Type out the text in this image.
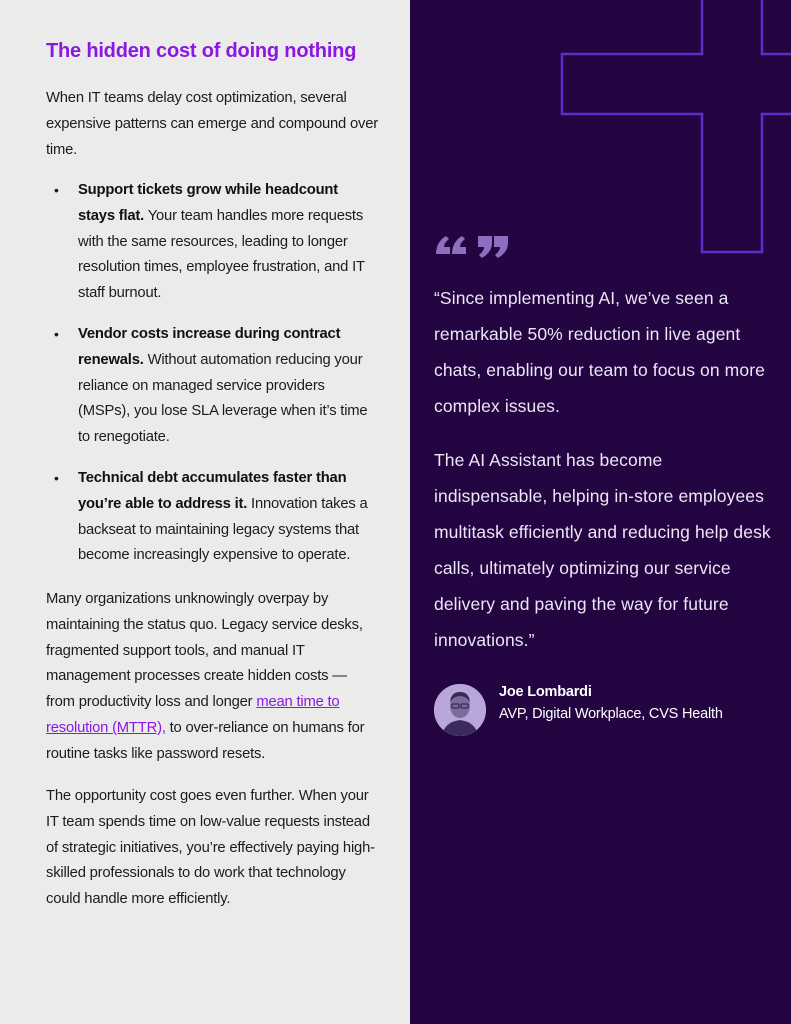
The hidden cost of doing nothing

When IT teams delay cost optimization, several expensive patterns can emerge and compound over time.

• Support tickets grow while headcount stays flat. Your team handles more requests with the same resources, leading to longer resolution times, employee frustration, and IT staff burnout.
• Vendor costs increase during contract renewals. Without automation reducing your reliance on managed service providers (MSPs), you lose SLA leverage when it’s time to renegotiate.
• Technical debt accumulates faster than you’re able to address it. Innovation takes a backseat to maintaining legacy systems that become increasingly expensive to operate.

Many organizations unknowingly overpay by maintaining the status quo. Legacy service desks, fragmented support tools, and manual IT management processes create hidden costs — from productivity loss and longer mean time to resolution (MTTR), to over-reliance on humans for routine tasks like password resets.

The opportunity cost goes even further. When your IT team spends time on low-value requests instead of strategic initiatives, you’re effectively paying high-skilled professionals to do work that technology could handle more efficiently.

“Since implementing AI, we’ve seen a remarkable 50% reduction in live agent chats, enabling our team to focus on more complex issues.

The AI Assistant has become indispensable, helping in-store employees multitask efficiently and reducing help desk calls, ultimately optimizing our service delivery and paving the way for future innovations.”

Joe Lombardi

AVP, Digital Workplace, CVS Health
